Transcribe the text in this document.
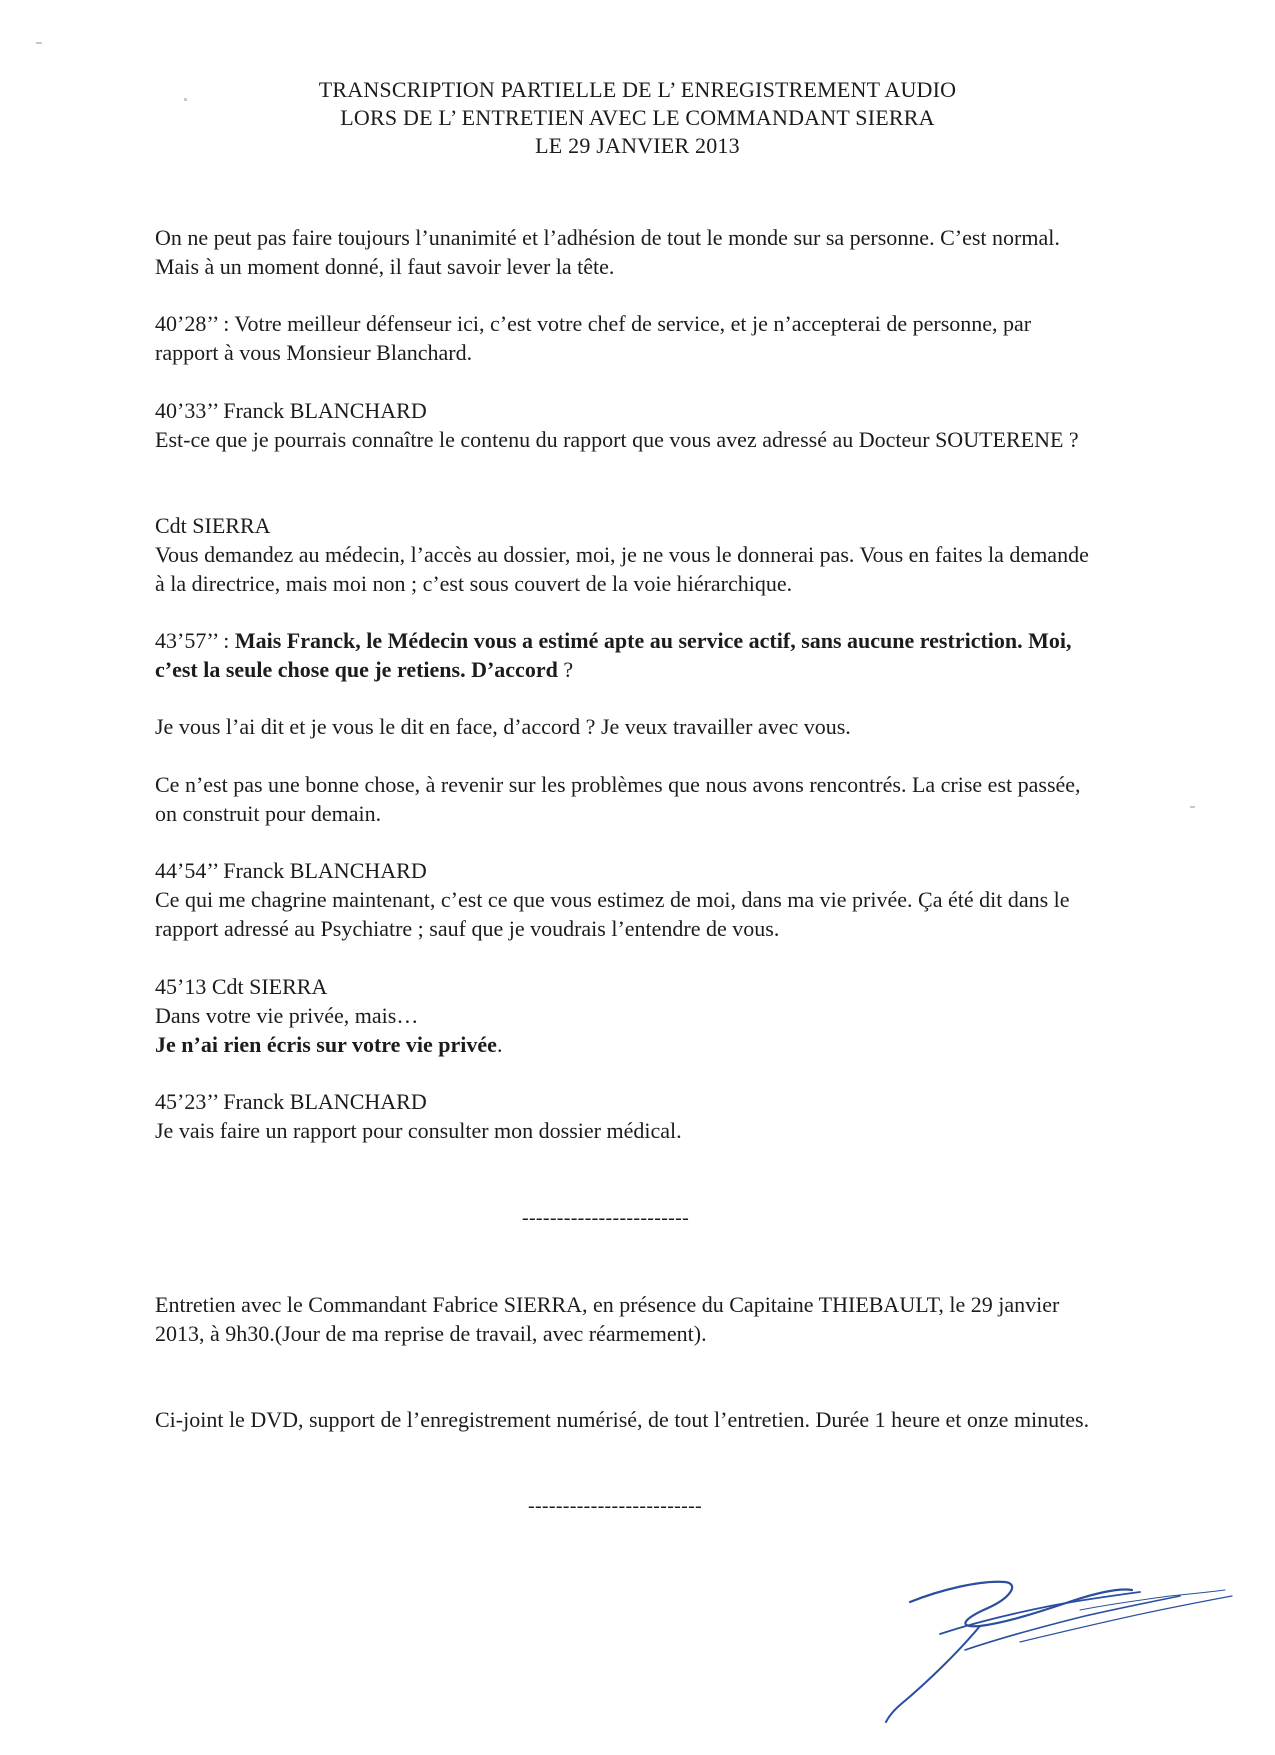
TRANSCRIPTION PARTIELLE DE L’ ENREGISTREMENT AUDIO
LORS DE L’ ENTRETIEN AVEC LE COMMANDANT SIERRA
LE 29 JANVIER 2013

On ne peut pas faire toujours l’unanimité et l’adhésion de tout le monde sur sa personne. C’est normal. Mais à un moment donné, il faut savoir lever la tête.

40’28’’ : Votre meilleur défenseur ici, c’est votre chef de service, et je n’accepterai de personne, par rapport à vous Monsieur Blanchard.

40’33’’ Franck BLANCHARD

Est-ce que je pourrais connaître le contenu du rapport que vous avez adressé au Docteur SOUTERENE ?

Cdt SIERRA

Vous demandez au médecin, l’accès au dossier, moi, je ne vous le donnerai pas. Vous en faites la demande à la directrice, mais moi non ; c’est sous couvert de la voie hiérarchique.

43’57’’ : Mais Franck, le Médecin vous a estimé apte au service actif, sans aucune restriction. Moi, c’est la seule chose que je retiens. D’accord ?

Je vous l’ai dit et je vous le dit en face, d’accord ? Je veux travailler avec vous.

Ce n’est pas une bonne chose, à revenir sur les problèmes que nous avons rencontrés. La crise est passée, on construit pour demain.

44’54’’ Franck BLANCHARD

Ce qui me chagrine maintenant, c’est ce que vous estimez de moi, dans ma vie privée. Ça été dit dans le rapport adressé au Psychiatre ; sauf que je voudrais l’entendre de vous.

45’13 Cdt SIERRA

Dans votre vie privée, mais…

Je n’ai rien écris sur votre vie privée.

45’23’’ Franck BLANCHARD

Je vais faire un rapport pour consulter mon dossier médical.

------------------------

Entretien avec le Commandant Fabrice SIERRA, en présence du Capitaine THIEBAULT, le 29 janvier 2013, à 9h30.(Jour de ma reprise de travail, avec réarmement).

Ci-joint le DVD, support de l’enregistrement numérisé, de tout l’entretien. Durée 1 heure et onze minutes.

-------------------------
